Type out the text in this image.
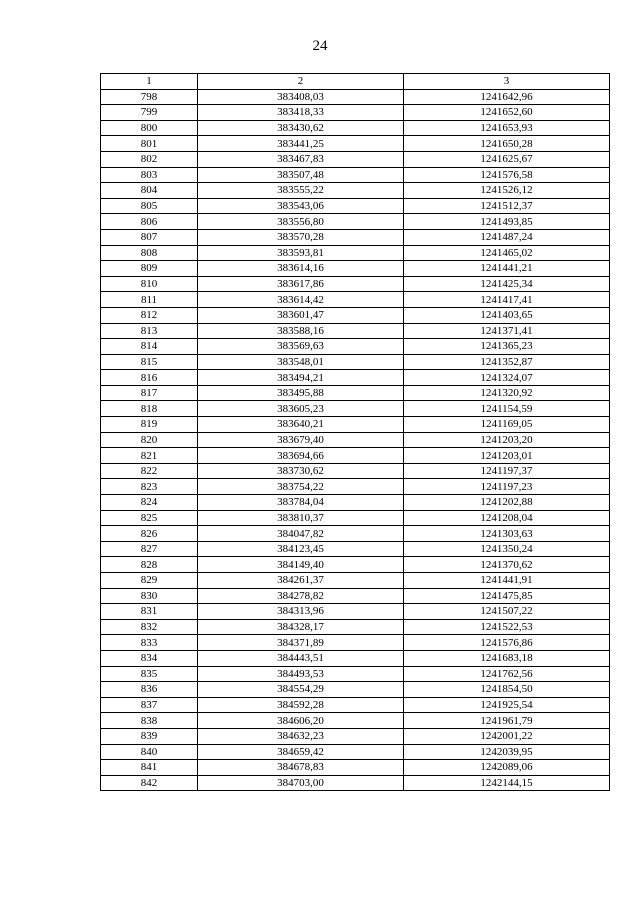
24
1	2	3
798	383408,03	1241642,96
799	383418,33	1241652,60
800	383430,62	1241653,93
801	383441,25	1241650,28
802	383467,83	1241625,67
803	383507,48	1241576,58
804	383555,22	1241526,12
805	383543,06	1241512,37
806	383556,80	1241493,85
807	383570,28	1241487,24
808	383593,81	1241465,02
809	383614,16	1241441,21
810	383617,86	1241425,34
811	383614,42	1241417,41
812	383601,47	1241403,65
813	383588,16	1241371,41
814	383569,63	1241365,23
815	383548,01	1241352,87
816	383494,21	1241324,07
817	383495,88	1241320,92
818	383605,23	1241154,59
819	383640,21	1241169,05
820	383679,40	1241203,20
821	383694,66	1241203,01
822	383730,62	1241197,37
823	383754,22	1241197,23
824	383784,04	1241202,88
825	383810,37	1241208,04
826	384047,82	1241303,63
827	384123,45	1241350,24
828	384149,40	1241370,62
829	384261,37	1241441,91
830	384278,82	1241475,85
831	384313,96	1241507,22
832	384328,17	1241522,53
833	384371,89	1241576,86
834	384443,51	1241683,18
835	384493,53	1241762,56
836	384554,29	1241854,50
837	384592,28	1241925,54
838	384606,20	1241961,79
839	384632,23	1242001,22
840	384659,42	1242039,95
841	384678,83	1242089,06
842	384703,00	1242144,15
